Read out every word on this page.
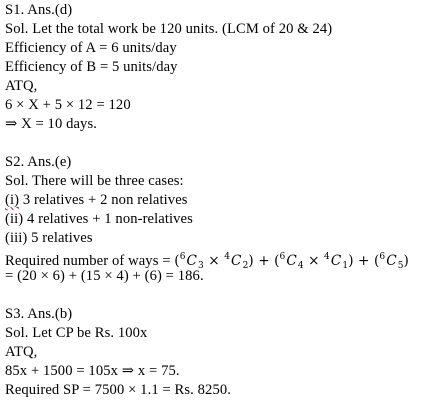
S1. Ans.(d)
Sol. Let the total work be 120 units. (LCM of 20 & 24)
Efficiency of A = 6 units/day
Efficiency of B = 5 units/day
ATQ,
6 × X + 5 × 12 = 120
⇒ X = 10 days.
S2. Ans.(e)
Sol. There will be three cases:
(i) 3 relatives + 2 non relatives
(ii) 4 relatives + 1 non-relatives
(iii) 5 relatives
Required number of ways = $(^6C_3 \times ^4C_2) + (^6C_4 \times ^4C_1) + (^6C_5)$
= (20 × 6) + (15 × 4) + (6) = 186.
S3. Ans.(b)
Sol. Let CP be Rs. 100x
ATQ,
85x + 1500 = 105x ⇒ x = 75.
Required SP = 7500 × 1.1 = Rs. 8250.
